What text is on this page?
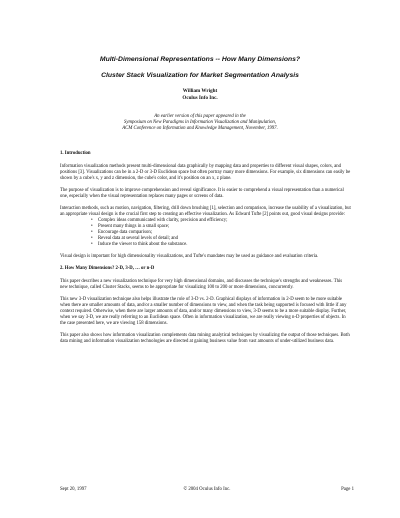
Multi-Dimensional Representations -- How Many Dimensions?
Cluster Stack Visualization for Market Segmentation Analysis
William Wright
Oculus Info Inc.
An earlier version of this paper appeared in the
Symposium on New Paradigms in Information Visualization and Manipulation,
ACM Conference on Information and Knowledge Management, November, 1997.
1. Introduction

Information visualization methods present multi-dimensional data graphically by mapping data and properties to different visual shapes, colors, and positions [3]. Visualizations can be in a 2-D or 3-D Euclidean space but often portray many more dimensions. For example, six dimensions can easily be shown by a cube's x, y and z dimension, the cube's color, and it's position on an x, z plane.

The purpose of visualization is to improve comprehension and reveal significance. It is easier to comprehend a visual representation than a numerical one, especially when the visual representation replaces many pages or screens of data.

Interaction methods, such as motion, navigation, filtering, drill down brushing [1], selection and comparison, increase the usability of a visualization, but an appropriate visual design is the crucial first step to creating an effective visualization. As Edward Tufte [2] points out, good visual designs provide:

• Complex ideas communicated with clarity, precision and efficiency;
• Present many things in a small space;
• Encourage data comparison;
• Reveal data at several levels of detail; and
• Induce the viewer to think about the substance.

Visual design is important for high dimensionality visualizations, and Tufte's mandates may be used as guidance and evaluation criteria.

2. How Many Dimensions? 2-D, 3-D, … or n-D

This paper describes a new visualization technique for very high dimensional domains, and discusses the technique's strengths and weaknesses. This new technique, called Cluster Stacks, seems to be appropriate for visualizing 100 to 200 or more dimensions, concurrently.

This new 3-D visualization technique also helps illustrate the role of 3-D vs. 2-D. Graphical displays of information in 2-D seem to be more suitable when there are smaller amounts of data, and/or a smaller number of dimensions to view, and when the task being supported is focused with little if any context required. Otherwise, when there are larger amounts of data, and/or many dimensions to view, 3-D seems to be a more suitable display. Further, when we say 3-D, we are really referring to an Euclidean space. Often in information visualization, we are really viewing n-D properties of objects. In the case presented here, we are viewing 158 dimensions.

This paper also shows how information visualization complements data mining analytical techniques by visualizing the output of those techniques. Both data mining and information visualization technologies are directed at gaining business value from vast amounts of under-utilized business data.

Sept 20, 1997	© 2004 Oculus Info Inc.	Page 1
